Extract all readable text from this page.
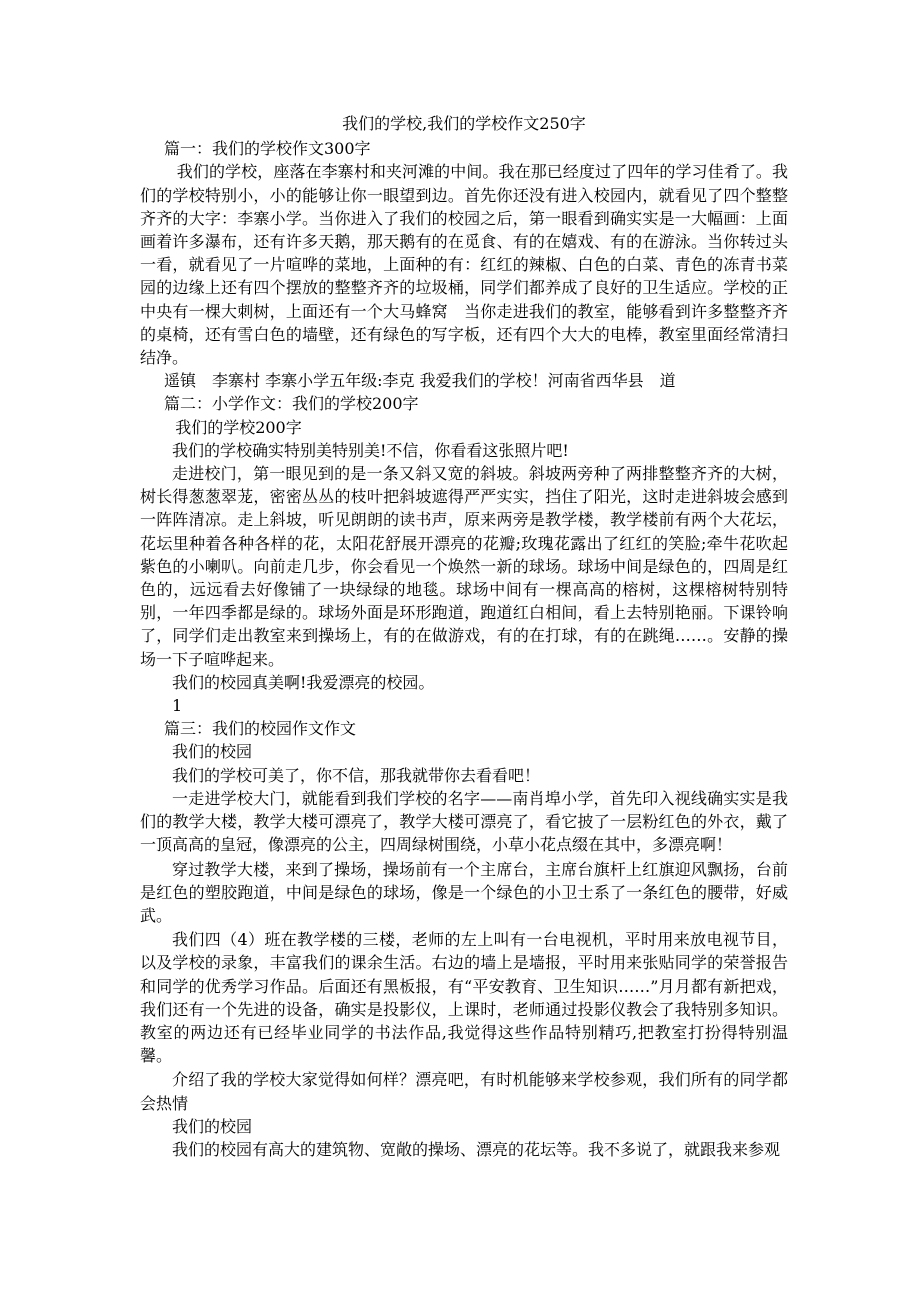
我们的学校,我们的学校作文250字

篇一：我们的学校作文300字

我们的学校，座落在李寨村和夹河滩的中间。我在那已经度过了四年的学习佳肴了。我们的学校特别小，小的能够让你一眼望到边。首先你还没有进入校园内，就看见了四个整整齐齐的大字：李寨小学。当你进入了我们的校园之后，第一眼看到确实实是一大幅画：上面画着许多瀑布，还有许多天鹅，那天鹅有的在觅食、有的在嬉戏、有的在游泳。当你转过头一看，就看见了一片喧哗的菜地，上面种的有：红红的辣椒、白色的白菜、青色的冻青书菜园的边缘上还有四个摆放的整整齐齐的垃圾桶，同学们都养成了良好的卫生适应。学校的正中央有一棵大刺树，上面还有一个大马蜂窝　当你走进我们的教室，能够看到许多整整齐齐的桌椅，还有雪白色的墙壁，还有绿色的写字板，还有四个大大的电棒，教室里面经常清扫结净。

遥镇　李寨村 李寨小学五年级:李克 我爱我们的学校！河南省西华县　道

篇二：小学作文：我们的学校200字

我们的学校200字

我们的学校确实特别美特别美!不信，你看看这张照片吧!

走进校门，第一眼见到的是一条又斜又宽的斜坡。斜坡两旁种了两排整整齐齐的大树，树长得葱葱翠茏，密密丛丛的枝叶把斜坡遮得严严实实，挡住了阳光，这时走进斜坡会感到一阵阵清凉。走上斜坡，听见朗朗的读书声，原来两旁是教学楼，教学楼前有两个大花坛，花坛里种着各种各样的花，太阳花舒展开漂亮的花瓣;玫瑰花露出了红红的笑脸;牵牛花吹起紫色的小喇叭。向前走几步，你会看见一个焕然一新的球场。球场中间是绿色的，四周是红色的，远远看去好像铺了一块绿绿的地毯。球场中间有一棵高高的榕树，这棵榕树特别特别，一年四季都是绿的。球场外面是环形跑道，跑道红白相间，看上去特别艳丽。下课铃响了，同学们走出教室来到操场上，有的在做游戏，有的在打球，有的在跳绳……。安静的操场一下子喧哗起来。

我们的校园真美啊!我爱漂亮的校园。

1

篇三：我们的校园作文作文

我们的校园

我们的学校可美了，你不信，那我就带你去看看吧！

一走进学校大门，就能看到我们学校的名字——南肖埠小学，首先印入视线确实实是我们的教学大楼，教学大楼可漂亮了，教学大楼可漂亮了，看它披了一层粉红色的外衣，戴了一顶高高的皇冠，像漂亮的公主，四周绿树围绕，小草小花点缀在其中，多漂亮啊！

穿过教学大楼，来到了操场，操场前有一个主席台，主席台旗杆上红旗迎风飘扬，台前是红色的塑胶跑道，中间是绿色的球场，像是一个绿色的小卫士系了一条红色的腰带，好威武。

我们四（4）班在教学楼的三楼，老师的左上叫有一台电视机，平时用来放电视节目，以及学校的录象，丰富我们的课余生活。右边的墙上是墙报，平时用来张贴同学的荣誉报告和同学的优秀学习作品。后面还有黑板报，有“平安教育、卫生知识……”月月都有新把戏，我们还有一个先进的设备，确实是投影仪，上课时，老师通过投影仪教会了我特别多知识。教室的两边还有已经毕业同学的书法作品,我觉得这些作品特别精巧,把教室打扮得特别温馨。

介绍了我的学校大家觉得如何样？漂亮吧，有时机能够来学校参观，我们所有的同学都会热情

我们的校园

我们的校园有高大的建筑物、宽敞的操场、漂亮的花坛等。我不多说了，就跟我来参观
